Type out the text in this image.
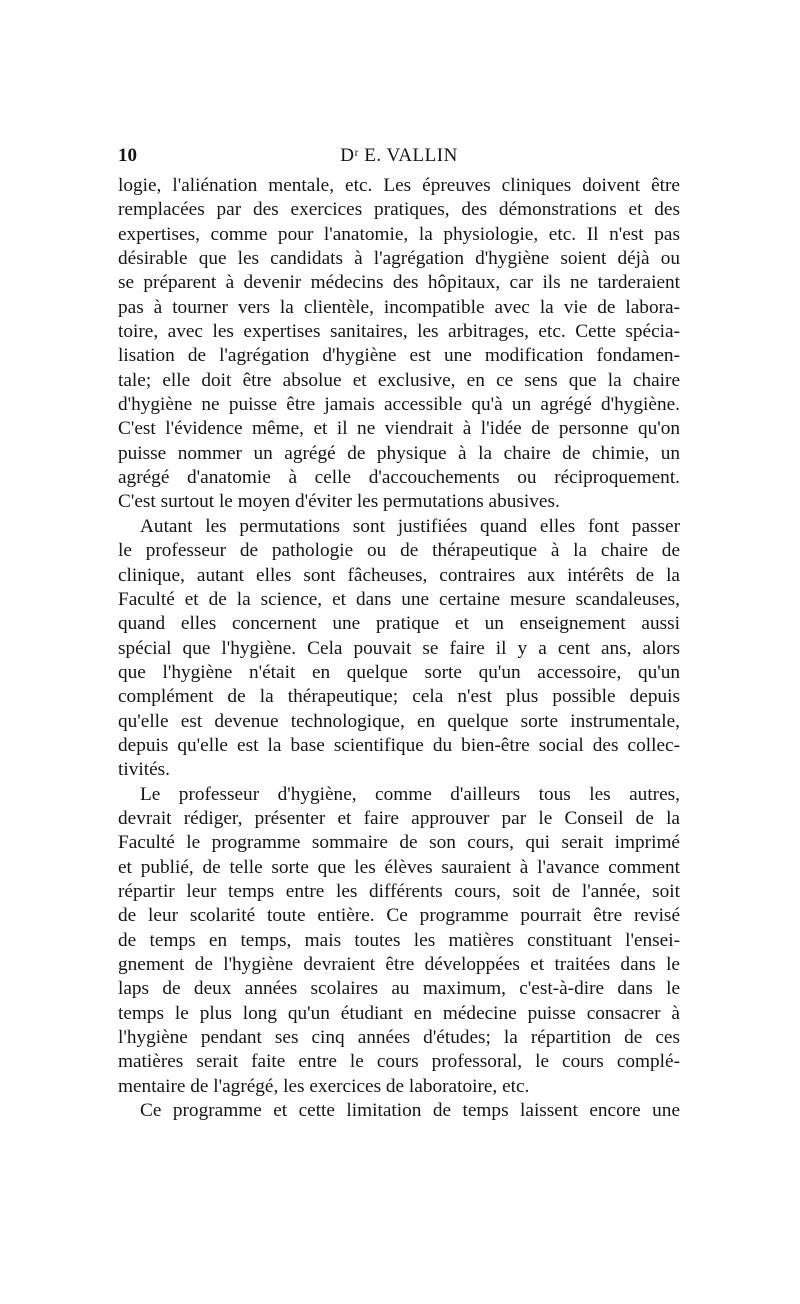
10	Dʳ E. VALLIN
logie, l'aliénation mentale, etc. Les épreuves cliniques doivent être
remplacées par des exercices pratiques, des démonstrations et des
expertises, comme pour l'anatomie, la physiologie, etc. Il n'est pas
désirable que les candidats à l'agrégation d'hygiène soient déjà ou
se préparent à devenir médecins des hôpitaux, car ils ne tarderaient
pas à tourner vers la clientèle, incompatible avec la vie de labora-
toire, avec les expertises sanitaires, les arbitrages, etc. Cette spécia-
lisation de l'agrégation d'hygiène est une modification fondamen-
tale; elle doit être absolue et exclusive, en ce sens que la chaire
d'hygiène ne puisse être jamais accessible qu'à un agrégé d'hygiène.
C'est l'évidence même, et il ne viendrait à l'idée de personne qu'on
puisse nommer un agrégé de physique à la chaire de chimie, un
agrégé d'anatomie à celle d'accouchements ou réciproquement.
C'est surtout le moyen d'éviter les permutations abusives.
Autant les permutations sont justifiées quand elles font passer
le professeur de pathologie ou de thérapeutique à la chaire de
clinique, autant elles sont fâcheuses, contraires aux intérêts de la
Faculté et de la science, et dans une certaine mesure scandaleuses,
quand elles concernent une pratique et un enseignement aussi
spécial que l'hygiène. Cela pouvait se faire il y a cent ans, alors
que l'hygiène n'était en quelque sorte qu'un accessoire, qu'un
complément de la thérapeutique; cela n'est plus possible depuis
qu'elle est devenue technologique, en quelque sorte instrumentale,
depuis qu'elle est la base scientifique du bien-être social des collec-
tivités.
Le professeur d'hygiène, comme d'ailleurs tous les autres,
devrait rédiger, présenter et faire approuver par le Conseil de la
Faculté le programme sommaire de son cours, qui serait imprimé
et publié, de telle sorte que les élèves sauraient à l'avance comment
répartir leur temps entre les différents cours, soit de l'année, soit
de leur scolarité toute entière. Ce programme pourrait être revisé
de temps en temps, mais toutes les matières constituant l'ensei-
gnement de l'hygiène devraient être développées et traitées dans le
laps de deux années scolaires au maximum, c'est-à-dire dans le
temps le plus long qu'un étudiant en médecine puisse consacrer à
l'hygiène pendant ses cinq années d'études; la répartition de ces
matières serait faite entre le cours professoral, le cours complé-
mentaire de l'agrégé, les exercices de laboratoire, etc.
Ce programme et cette limitation de temps laissent encore une
